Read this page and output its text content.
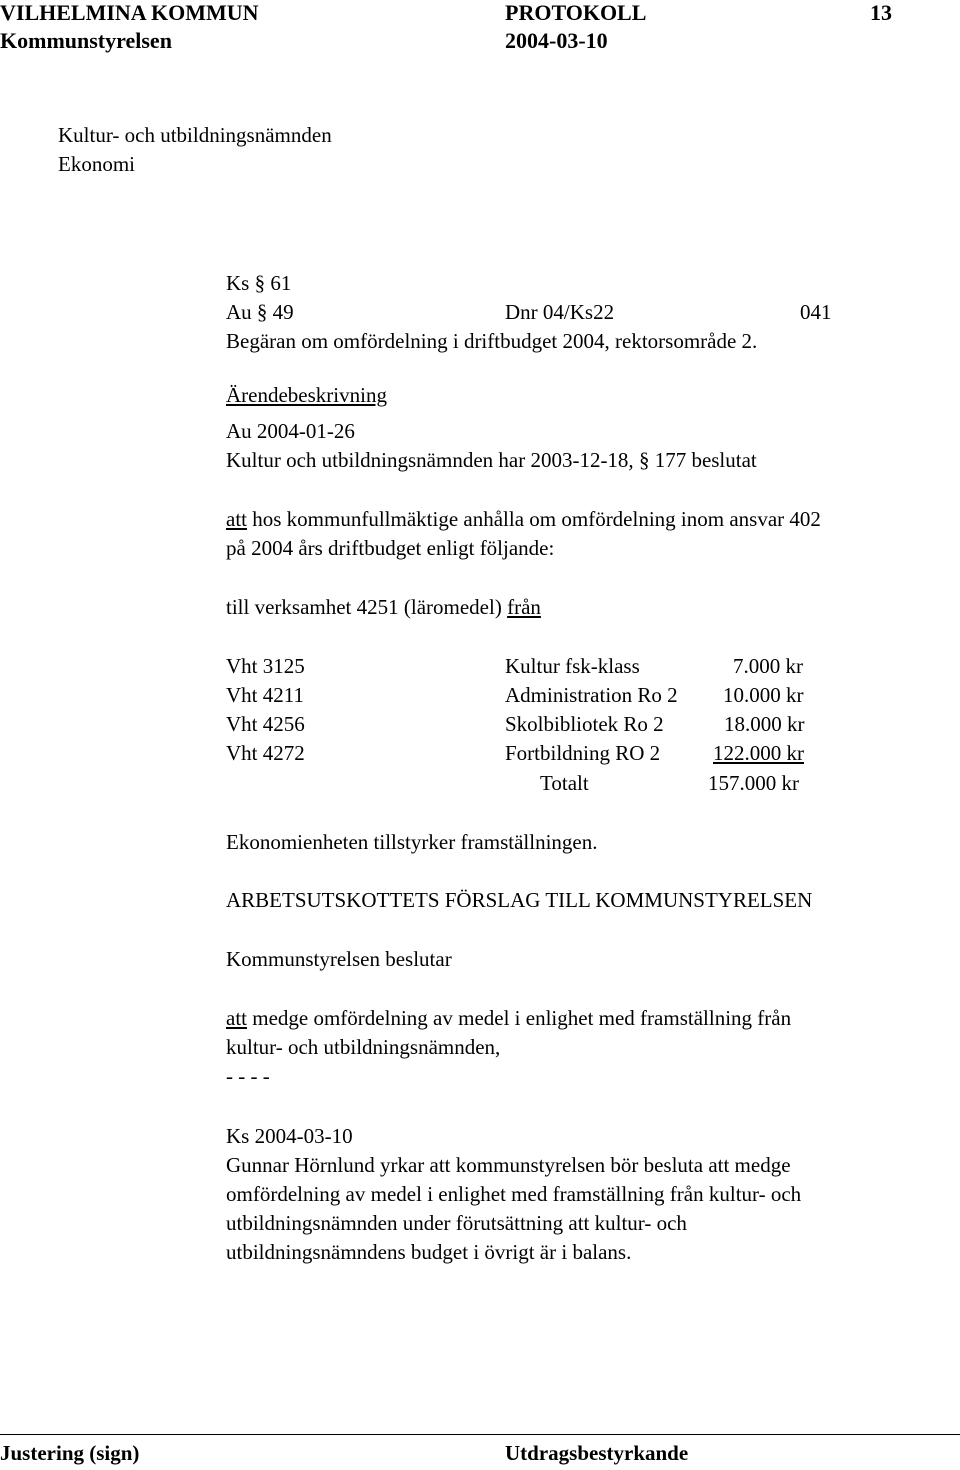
VILHELMINA KOMMUN	PROTOKOLL	13
Kommunstyrelsen	2004-03-10
Kultur- och utbildningsnämnden
Ekonomi
Ks § 61
Au § 49	Dnr 04/Ks22	041
Begäran om omfördelning i driftbudget 2004, rektorsområde 2.
Ärendebeskrivning
Au 2004-01-26
Kultur och utbildningsnämnden har 2003-12-18, § 177 beslutat
att hos kommunfullmäktige anhålla om omfördelning inom ansvar 402
på 2004 års driftbudget enligt följande:
till verksamhet 4251 (läromedel) från
Vht 3125	Kultur fsk-klass	7.000 kr
Vht 4211	Administration Ro 2 10.000 kr
Vht 4256	Skolbibliotek Ro 2	18.000 kr
Vht 4272	Fortbildning RO 2	122.000 kr
Totalt	157.000 kr
Ekonomienheten tillstyrker framställningen.
ARBETSUTSKOTTETS FÖRSLAG TILL KOMMUNSTYRELSEN
Kommunstyrelsen beslutar
att medge omfördelning av medel i enlighet med framställning från
kultur- och utbildningsnämnden,
- - - -
Ks 2004-03-10
Gunnar Hörnlund yrkar att kommunstyrelsen bör besluta att medge
omfördelning av medel i enlighet med framställning från kultur- och
utbildningsnämnden under förutsättning att kultur- och
utbildningsnämndens budget i övrigt är i balans.
Justering (sign)	Utdragsbestyrkande
